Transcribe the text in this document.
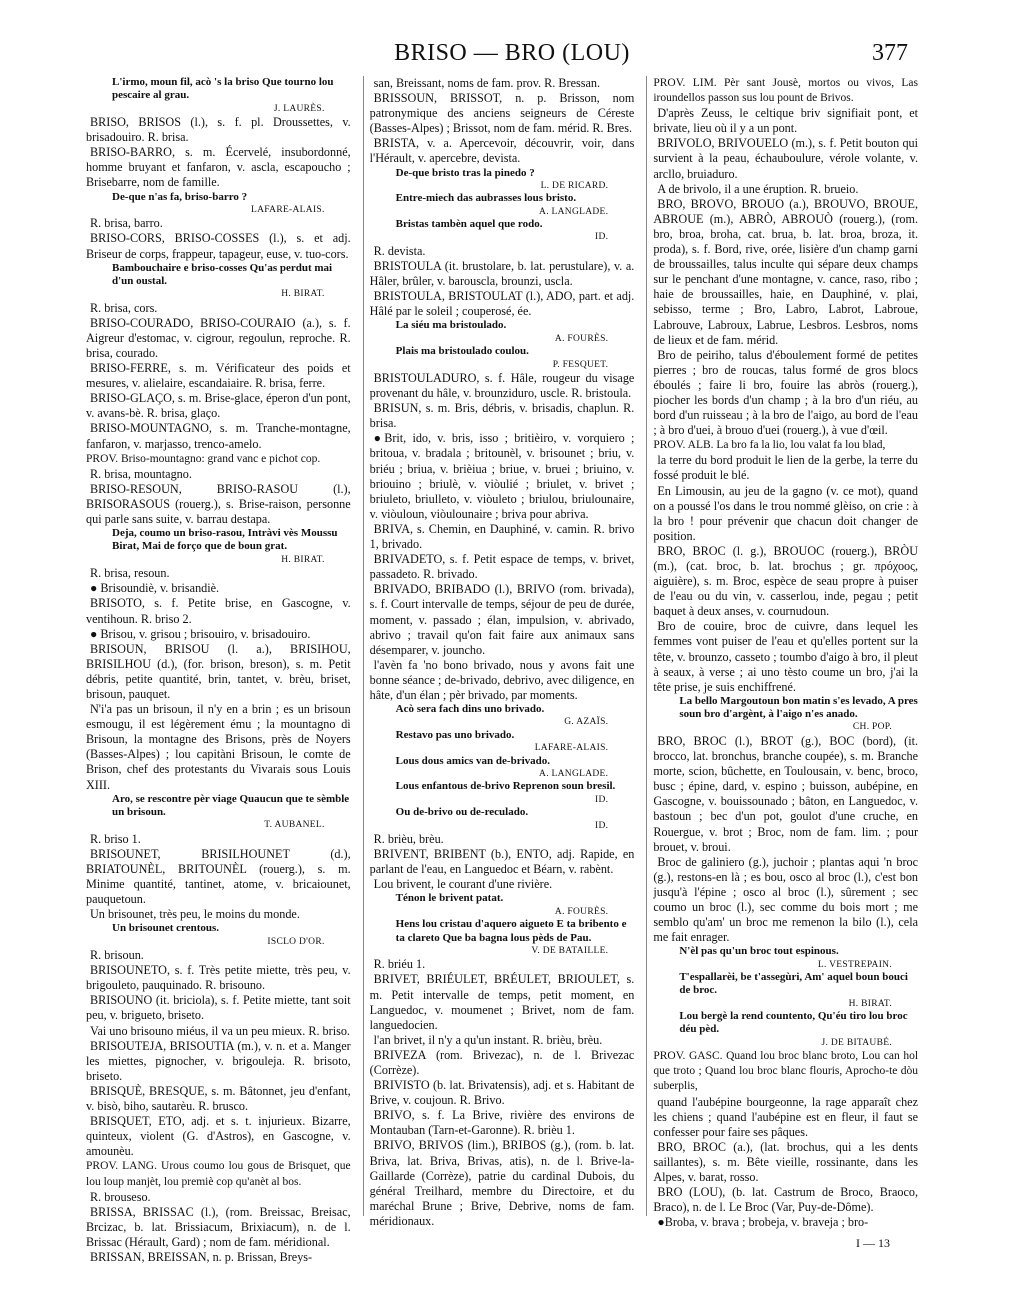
BRISO — BRO (LOU)	377

L'irmo, moun fil, acò 's la briso Que tourno lou pescaire al grau.

J. LAURÈS.

BRISO, BRISOS (l.), s. f. pl. Droussettes, v. brisadouiro. R. brisa.

BRISO-BARRO, s. m. Écervelé, insubordonné, homme bruyant et fanfaron, v. ascla, escapoucho ; Brisebarre, nom de famille.

De-que n'as fa, briso-barro ?

LAFARE-ALAIS.

R. brisa, barro.

BRISO-CORS, BRISO-COSSES (l.), s. et adj. Briseur de corps, frappeur, tapageur, euse, v. tuo-cors.

Bambouchaire e briso-cosses Qu'as perdut mai d'un oustal.

H. BIRAT.

R. brisa, cors.

BRISO-COURADO, BRISO-COURAIO (a.), s. f. Aigreur d'estomac, v. cigrour, regoulun, reproche. R. brisa, courado.

BRISO-FERRE, s. m. Vérificateur des poids et mesures, v. alielaire, escandaiaire. R. brisa, ferre.

BRISO-GLAÇO, s. m. Brise-glace, éperon d'un pont, v. avans-bè. R. brisa, glaço.

BRISO-MOUNTAGNO, s. m. Tranche-montagne, fanfaron, v. marjasso, trenco-amelo.

PROV. Briso-mountagno: grand vanc e pichot cop.

R. brisa, mountagno.

BRISO-RESOUN, BRISO-RASOU (l.), BRISORASOUS (rouerg.), s. Brise-raison, personne qui parle sans suite, v. barrau destapa.

Deja, coumo un briso-rasou, Intràvi vès Moussu Birat, Mai de forço que de boun grat.

H. BIRAT.

R. brisa, resoun.

● Brisoundiè, v. brisandiè.

BRISOTO, s. f. Petite brise, en Gascogne, v. ventihoun. R. briso 2.

● Brisou, v. grisou ; brisouiro, v. brisadouiro.

BRISOUN, BRISOU (l. a.), BRISIHOU, BRISILHOU (d.), (for. brison, breson), s. m. Petit débris, petite quantité, brin, tantet, v. brèu, briset, brisoun, pauquet.

N'i'a pas un brisoun, il n'y en a brin ; es un brisoun esmougu, il est légèrement ému ; la mountagno di Brisoun, la montagne des Brisons, près de Noyers (Basses-Alpes) ; lou capitàni Brisoun, le comte de Brison, chef des protestants du Vivarais sous Louis XIII.

Aro, se rescontre pèr viage Quaucun que te sèmble un brisoun.

T. AUBANEL.

R. briso 1.

BRISOUNET, BRISILHOUNET (d.), BRIATOUNÈL, BRITOUNÈL (rouerg.), s. m. Minime quantité, tantinet, atome, v. bricaiounet, pauquetoun.

Un brisounet, très peu, le moins du monde.

Un brisounet crentous.

ISCLO D'OR.

R. brisoun.

BRISOUNETO, s. f. Très petite miette, très peu, v. brigouleto, pauquinado. R. brisouno.

BRISOUNO (it. briciola), s. f. Petite miette, tant soit peu, v. brigueto, briseto.

Vai uno brisouno miéus, il va un peu mieux. R. briso.

BRISOUTEJA, BRISOUTIA (m.), v. n. et a. Manger les miettes, pignocher, v. brigouleja. R. brisoto, briseto.

BRISQUÈ, BRESQUE, s. m. Bâtonnet, jeu d'enfant, v. bisò, biho, sautarèu. R. brusco.

BRISQUET, ETO, adj. et s. t. injurieux. Bizarre, quinteux, violent (G. d'Astros), en Gascogne, v. amounèu.

PROV. LANG. Urous coumo lou gous de Brisquet, que lou loup manjèt, lou premiè cop qu'anèt al bos.

R. brouseso.

BRISSA, BRISSAC (l.), (rom. Breissac, Breisac, Brcizac, b. lat. Brissiacum, Brixiacum), n. de l. Brissac (Hérault, Gard) ; nom de fam. méridional.

BRISSAN, BREISSAN, n. p. Brissan, Breys-

san, Breissant, noms de fam. prov. R. Bressan.

BRISSOUN, BRISSOT, n. p. Brisson, nom patronymique des anciens seigneurs de Céreste (Basses-Alpes) ; Brissot, nom de fam. mérid. R. Bres.

BRISTA, v. a. Apercevoir, découvrir, voir, dans l'Hérault, v. apercebre, devista.

De-que bristo tras la pinedo ?

L. DE RICARD.

Entre-miech das aubrasses lous bristo.

A. LANGLADE.

Bristas tambèn aquel que rodo.

ID.

R. devista.

BRISTOULA (it. brustolare, b. lat. perustulare), v. a. Hâler, brûler, v. barouscla, brounzi, uscla.

BRISTOULA, BRISTOULAT (l.), ADO, part. et adj. Hâlé par le soleil ; couperosé, ée.

La siéu ma bristoulado.

A. FOURÈS.

Plais ma bristoulado coulou.

P. FESQUET.

BRISTOULADURO, s. f. Hâle, rougeur du visage provenant du hâle, v. brounziduro, uscle. R. bristoula.

BRISUN, s. m. Bris, débris, v. brisadis, chaplun. R. brisa.

●Brit, ido, v. bris, isso ; britièiro, v. vorquiero ; britoua, v. bradala ; britounèl, v. brisounet ; briu, v. briéu ; briua, v. brièiua ; briue, v. bruei ; briuino, v. briouino ; briulè, v. viòulié ; briulet, v. brivet ; briuleto, briulleto, v. viòuleto ; briulou, briulounaire, v. viòuloun, viòulounaire ; briva pour abriva.

BRIVA, s. Chemin, en Dauphiné, v. camin. R. brivo 1, brivado.

BRIVADETO, s. f. Petit espace de temps, v. brivet, passadeto. R. brivado.

BRIVADO, BRIBADO (l.), BRIVO (rom. brivada), s. f. Court intervalle de temps, séjour de peu de durée, moment, v. passado ; élan, impulsion, v. abrivado, abrivo ; travail qu'on fait faire aux animaux sans désemparer, v. jouncho.

l'avèn fa 'no bono brivado, nous y avons fait une bonne séance ; de-brivado, debrivo, avec diligence, en hâte, d'un élan ; pèr brivado, par moments.

Acò sera fach dins uno brivado.

G. AZAÏS.

Restavo pas uno brivado.

LAFARE-ALAIS.

Lous dous amics van de-brivado.

A. LANGLADE.

Lous enfantous de-brivo Reprenon soun bresil.

ID.

Ou de-brivo ou de-reculado.

ID.

R. brièu, brèu.

BRIVENT, BRIBENT (b.), ENTO, adj. Rapide, en parlant de l'eau, en Languedoc et Béarn, v. rabènt.

Lou brivent, le courant d'une rivière.

Ténon le brivent patat.

A. FOURÈS.

Hens lou cristau d'aquero aigueto E ta bribento e ta clareto Que ba bagna lous pèds de Pau.

V. DE BATAILLE.

R. briéu 1.

BRIVET, BRIÉULET, BRÉULET, BRIOULET, s. m. Petit intervalle de temps, petit moment, en Languedoc, v. moumenet ; Brivet, nom de fam. languedocien.

l'an brivet, il n'y a qu'un instant. R. brièu, brèu.

BRIVEZA (rom. Brivezac), n. de l. Brivezac (Corrèze).

BRIVISTO (b. lat. Brivatensis), adj. et s. Habitant de Brive, v. coujoun. R. Brivo.

BRIVO, s. f. La Brive, rivière des environs de Montauban (Tarn-et-Garonne). R. brièu 1.

BRIVO, BRIVOS (lim.), BRIBOS (g.), (rom. b. lat. Briva, lat. Briva, Brivas, atis), n. de l. Brive-la-Gaillarde (Corrèze), patrie du cardinal Dubois, du général Treilhard, membre du Directoire, et du maréchal Brune ; Brive, Debrive, noms de fam. méridionaux.

PROV. LIM. Pèr sant Jousè, mortos ou vivos, Las iroundellos passon sus lou pount de Brivos.

D'après Zeuss, le celtique briv signifiait pont, et brivate, lieu où il y a un pont.

BRIVOLO, BRIVOUELO (m.), s. f. Petit bouton qui survient à la peau, échauboulure, vérole volante, v. arcllo, bruiaduro.

A de brivolo, il a une éruption. R. brueio.

BRO, BROVO, BROUO (a.), BROUVO, BROUE, ABROUE (m.), ABRÒ, ABROUÒ (rouerg.), (rom. bro, broa, broha, cat. brua, b. lat. broa, broza, it. proda), s. f. Bord, rive, orée, lisière d'un champ garni de broussailles, talus inculte qui sépare deux champs sur le penchant d'une montagne, v. cance, raso, ribo ; haie de broussailles, haie, en Dauphiné, v. plai, sebisso, terme ; Bro, Labro, Labrot, Labroue, Labrouve, Labroux, Labrue, Lesbros. Lesbros, noms de lieux et de fam. mérid.

Bro de peiriho, talus d'éboulement formé de petites pierres ; bro de roucas, talus formé de gros blocs éboulés ; faire li bro, fouire las abròs (rouerg.), piocher les bords d'un champ ; à la bro d'un riéu, au bord d'un ruisseau ; à la bro de l'aigo, au bord de l'eau ; à bro d'uei, à brouo d'uei (rouerg.), à vue d'œil.

PROV. ALB. La bro fa la lio, lou valat fa lou blad,

la terre du bord produit le lien de la gerbe, la terre du fossé produit le blé.

En Limousin, au jeu de la gagno (v. ce mot), quand on a poussé l'os dans le trou nommé glèiso, on crie : à la bro ! pour prévenir que chacun doit changer de position.

BRO, BROC (l. g.), BROUOC (rouerg.), BRÒU (m.), (cat. broc, b. lat. brochus ; gr. πρόχοος, aiguière), s. m. Broc, espèce de seau propre à puiser de l'eau ou du vin, v. casserlou, inde, pegau ; petit baquet à deux anses, v. cournudoun.

Bro de couire, broc de cuivre, dans lequel les femmes vont puiser de l'eau et qu'elles portent sur la tête, v. brounzo, casseto ; toumbo d'aigo à bro, il pleut à seaux, à verse ; ai uno tèsto coume un bro, j'ai la tête prise, je suis enchiffrené.

La bello Margoutoun bon matin s'es levado, A pres soun bro d'argènt, à l'aigo n'es anado.

CH. POP.

BRO, BROC (l.), BROT (g.), BOC (bord), (it. brocco, lat. bronchus, branche coupée), s. m. Branche morte, scion, bûchette, en Toulousain, v. benc, broco, busc ; épine, dard, v. espino ; buisson, aubépine, en Gascogne, v. bouissounado ; bâton, en Languedoc, v. bastoun ; bec d'un pot, goulot d'une cruche, en Rouergue, v. brot ; Broc, nom de fam. lim. ; pour brouet, v. broui.

Broc de galiniero (g.), juchoir ; plantas aqui 'n broc (g.), restons-en là ; es bou, osco al broc (l.), c'est bon jusqu'à l'épine ; osco al broc (l.), sûrement ; sec coumo un broc (l.), sec comme du bois mort ; me semblo qu'am' un broc me remenon la bilo (l.), cela me fait enrager.

N'èl pas qu'un broc tout espinous.

L. VESTREPAIN.

T'espallarèi, be t'assegùri, Am' aquel boun bouci de broc.

H. BIRAT.

Lou bergè la rend countento, Qu'éu tiro lou broc déu pèd.

J. DE BITAUBÉ.

PROV. GASC. Quand lou broc blanc broto, Lou can hol que troto ; Quand lou broc blanc flouris, Aprocho-te dòu suberplis,

quand l'aubépine bourgeonne, la rage apparaît chez les chiens ; quand l'aubépine est en fleur, il faut se confesser pour faire ses pâques.

BRO, BROC (a.), (lat. brochus, qui a les dents saillantes), s. m. Bête vieille, rossinante, dans les Alpes, v. barat, rosso.

BRO (LOU), (b. lat. Castrum de Broco, Braoco, Braco), n. de l. Le Broc (Var, Puy-de-Dôme).

●Broba, v. brava ; brobeja, v. braveja ; bro-

I — 13
